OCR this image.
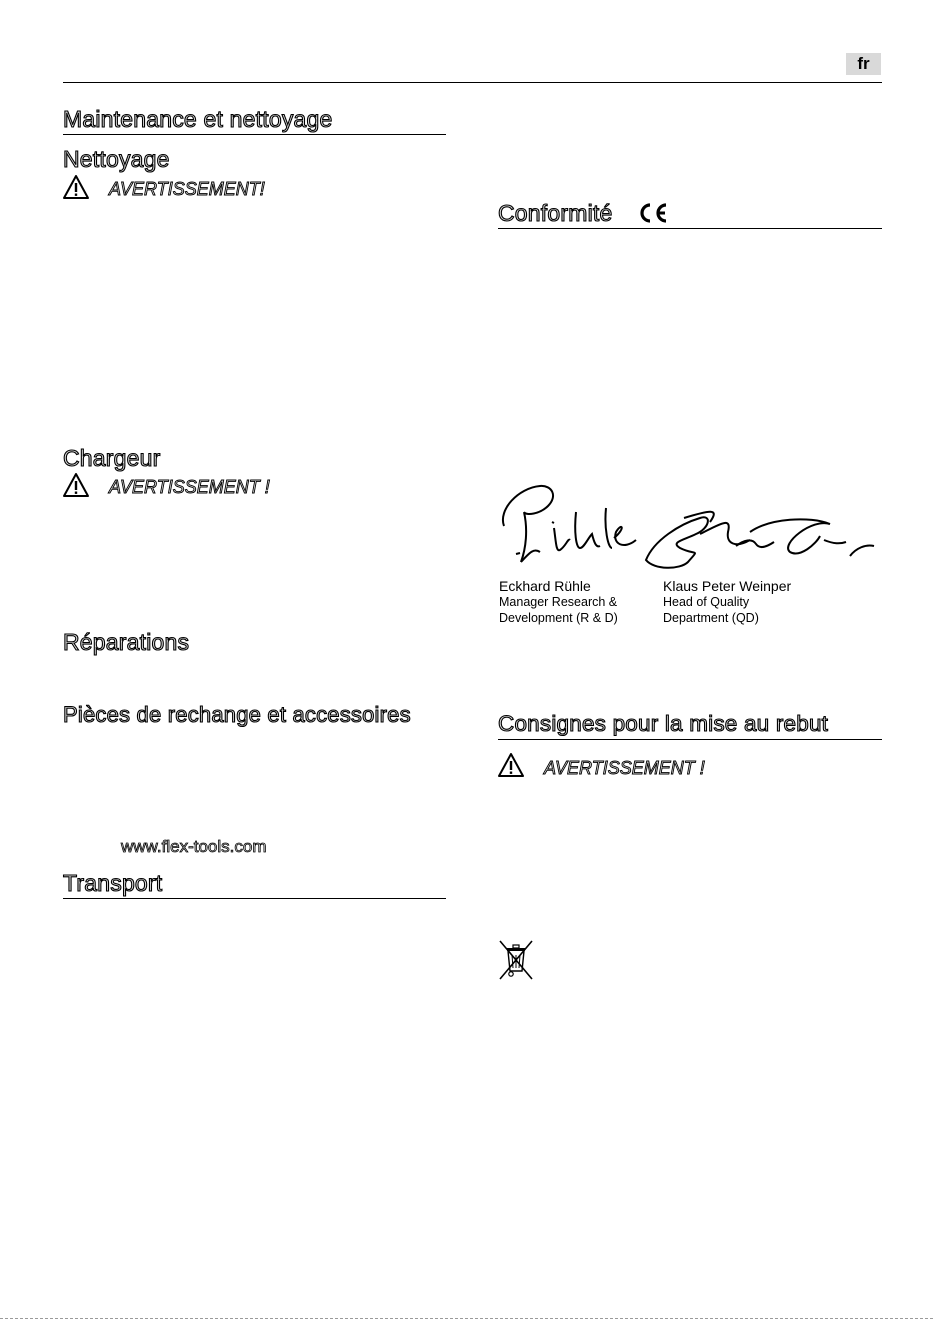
fr
Maintenance et nettoyage
Nettoyage
AVERTISSEMENT!
Chargeur
AVERTISSEMENT !
Réparations
Pièces de rechange et accessoires
www.flex-tools.com
Transport
Conformité
Eckhard Rühle
Manager Research &
Development (R & D)
Klaus Peter Weinper
Head of Quality
Department (QD)
Consignes pour la mise au rebut
AVERTISSEMENT !
